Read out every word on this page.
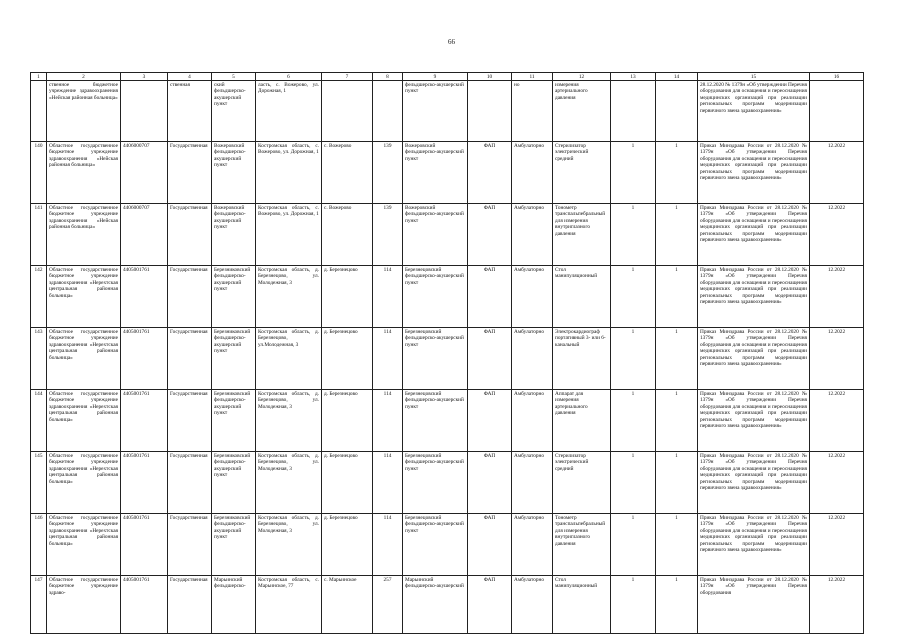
66
1	2	3	4	5	6	7	8	9	10	11	12	13	14	15	16
	ственное бюджетное учреждение здравоохранения «Нейская районная больница»		ственная	ский фельдшерско-акушерский пункт	ласть, с. Вожерово, ул. Дорожная, 1			фельдшерско-акушерский пункт		но	измерения артериального давления			28.12.2020 № 1379н «Об утверждении Перечня оборудования для оснащения и переоснащения медицинских организаций при реализации региональных программ модернизации первичного звена здравоохранения»	
140	Областное государственное бюджетное учреждение здравоохранения «Нейская районная больница»	4406000707	Государственная	Вожеровский фельдшерско-акушерский пункт	Костромская область, с. Вожерово, ул. Дорожная, 1	с. Вожерово	139	Вожеровский фельдшерско-акушерский пункт	ФАП	Амбулаторно	Стерилизатор электрический средний	1	1	Приказ Минздрава России от 28.12.2020 № 1379н «Об утверждении Перечня оборудования для оснащения и переоснащения медицинских организаций при реализации региональных программ модернизации первичного звена здравоохранения»	12.2022
141	Областное государственное бюджетное учреждение здравоохранения «Нейская районная больница»	4406000707	Государственная	Вожеровский фельдшерско-акушерский пункт	Костромская область, с. Вожерово, ул. Дорожная, 1	с. Вожерово	139	Вожеровский фельдшерско-акушерский пункт	ФАП	Амбулаторно	Тонометр транспальпебральный для измерения внутриглазного давления	1	1	Приказ Минздрава России от 28.12.2020 № 1379н «Об утверждении Перечня оборудования для оснащения и переоснащения медицинских организаций при реализации региональных программ модернизации первичного звена здравоохранения»	12.2022
142	Областное государственное бюджетное учреждение здравоохранения «Нерехтская центральная районная больница»	4405001761	Государственная	Березниковский фельдшерско-акушерский пункт	Костромская область, д. Березнецово, ул. Молодежная, 3	д. Березнецово	114	Березнецовский фельдшерско-акушерский пункт	ФАП	Амбулаторно	Стол манипуляционный	1	1	Приказ Минздрава России от 28.12.2020 № 1379н «Об утверждении Перечня оборудования для оснащения и переоснащения медицинских организаций при реализации региональных программ модернизации первичного звена здравоохранения»	12.2022
143	Областное государственное бюджетное учреждение здравоохранения «Нерехтская центральная районная больница»	4405001761	Государственная	Березниковский фельдшерско-акушерский пункт	Костромская область, д. Березнецово, ул.Молодежная, 3	д. Березнецово	114	Березнецовский фельдшерско-акушерский пункт	ФАП	Амбулаторно	Электрокардиограф портативный 3- или 6-канальный	1	1	Приказ Минздрава России от 28.12.2020 № 1379н «Об утверждении Перечня оборудования для оснащения и переоснащения медицинских организаций при реализации региональных программ модернизации первичного звена здравоохранения»	12.2022
144	Областное государственное бюджетное учреждение здравоохранения «Нерехтская центральная районная больница»	4405001761	Государственная	Березниковский фельдшерско-акушерский пункт	Костромская область, д. Березнецово, ул. Молодежная, 3	д. Березнецово	114	Березнецовский фельдшерско-акушерский пункт	ФАП	Амбулаторно	Аппарат для измерения артериального давления	1	1	Приказ Минздрава России от 28.12.2020 № 1379н «Об утверждении Перечня оборудования для оснащения и переоснащения медицинских организаций при реализации региональных программ модернизации первичного звена здравоохранения»	12.2022
145	Областное государственное бюджетное учреждение здравоохранения «Нерехтская центральная районная больница»	4405001761	Государственная	Березниковский фельдшерско-акушерский пункт	Костромская область, д. Березнецово, ул. Молодежная, 3	д. Березнецово	114	Березнецовский фельдшерско-акушерский пункт	ФАП	Амбулаторно	Стерилизатор электрический средний	1	1	Приказ Минздрава России от 28.12.2020 № 1379н «Об утверждении Перечня оборудования для оснащения и переоснащения медицинских организаций при реализации региональных программ модернизации первичного звена здравоохранения»	12.2022
146	Областное государственное бюджетное учреждение здравоохранения «Нерехтская центральная районная больница»	4405001761	Государственная	Березниковский фельдшерско-акушерский пункт	Костромская область, д. Березнецово, ул. Молодежная, 3	д. Березнецово	114	Березнецовский фельдшерско-акушерский пункт	ФАП	Амбулаторно	Тонометр транспальпебральный для измерения внутриглазного давления	1	1	Приказ Минздрава России от 28.12.2020 № 1379н «Об утверждении Перечня оборудования для оснащения и переоснащения медицинских организаций при реализации региональных программ модернизации первичного звена здравоохранения»	12.2022
147	Областное государственное бюджетное учреждение здраво-	4405001761	Государственная	Марьинский фельдшерско-	Костромская область, с. Марьинское, 77	с. Марьинское	257	Марьинский фельдшерско-акушерский	ФАП	Амбулаторно	Стол манипуляционный	1	1	Приказ Минздрава России от 28.12.2020 № 1379н «Об утверждении Перечня оборудования	12.2022
